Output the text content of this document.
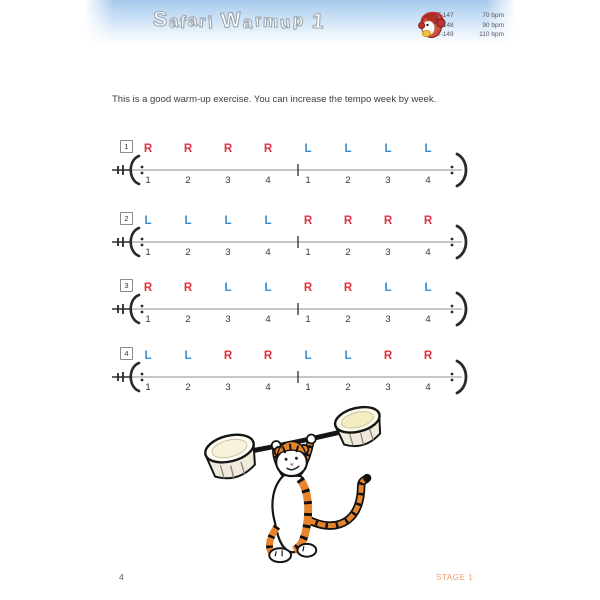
Safari Warmup 1	T-147	70 bpm
T-148	90 bpm
T-149	110 bpm
This is a good warm-up exercise. You can increase the tempo week by week.
1	R	R	R	R	L	L	L	L
1	2	3	4	1	2	3	4
2	L	L	L	L	R	R	R	R
1	2	3	4	1	2	3	4
3	R	R	L	L	R	R	L	L
1	2	3	4	1	2	3	4
4	L	L	R	R	L	L	R	R
1	2	3	4	1	2	3	4
4	STAGE 1
